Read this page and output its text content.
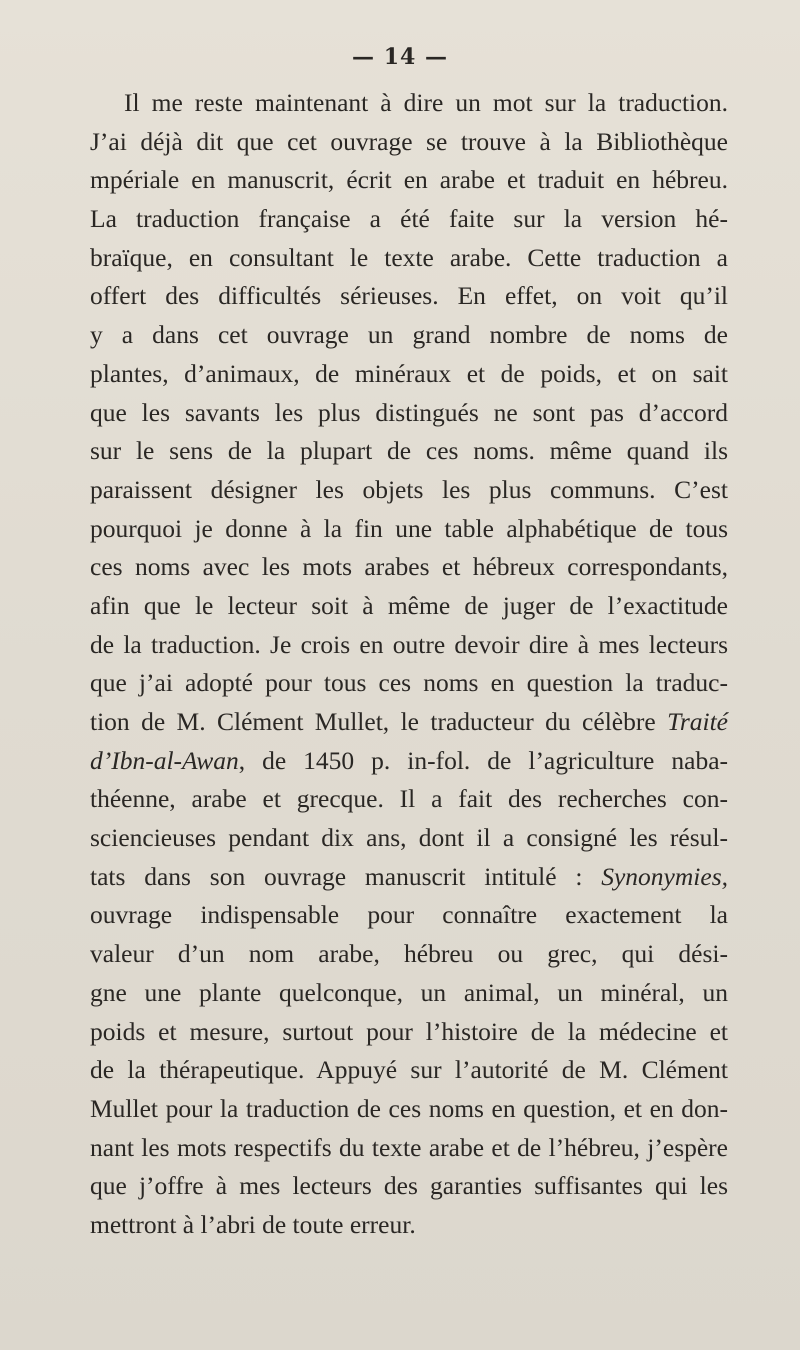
— 14 —
Il me reste maintenant à dire un mot sur la traduction.
J’ai déjà dit que cet ouvrage se trouve à la Bibliothèque
mpériale en manuscrit, écrit en arabe et traduit en hébreu.
La traduction française a été faite sur la version hé-
braïque, en consultant le texte arabe. Cette traduction a
offert des difficultés sérieuses. En effet, on voit qu’il
y a dans cet ouvrage un grand nombre de noms de
plantes, d’animaux, de minéraux et de poids, et on sait
que les savants les plus distingués ne sont pas d’accord
sur le sens de la plupart de ces noms. même quand ils
paraissent désigner les objets les plus communs. C’est
pourquoi je donne à la fin une table alphabétique de tous
ces noms avec les mots arabes et hébreux correspondants,
afin que le lecteur soit à même de juger de l’exactitude
de la traduction. Je crois en outre devoir dire à mes lecteurs
que j’ai adopté pour tous ces noms en question la traduc-
tion de M. Clément Mullet, le traducteur du célèbre Traité
d’Ibn-al-Awan, de 1450 p. in-fol. de l’agriculture naba-
théenne, arabe et grecque. Il a fait des recherches con-
sciencieuses pendant dix ans, dont il a consigné les résul-
tats dans son ouvrage manuscrit intitulé : Synonymies,
ouvrage indispensable pour connaître exactement la
valeur d’un nom arabe, hébreu ou grec, qui dési-
gne une plante quelconque, un animal, un minéral, un
poids et mesure, surtout pour l’histoire de la médecine et
de la thérapeutique. Appuyé sur l’autorité de M. Clément
Mullet pour la traduction de ces noms en question, et en don-
nant les mots respectifs du texte arabe et de l’hébreu, j’espère
que j’offre à mes lecteurs des garanties suffisantes qui les
mettront à l’abri de toute erreur.
